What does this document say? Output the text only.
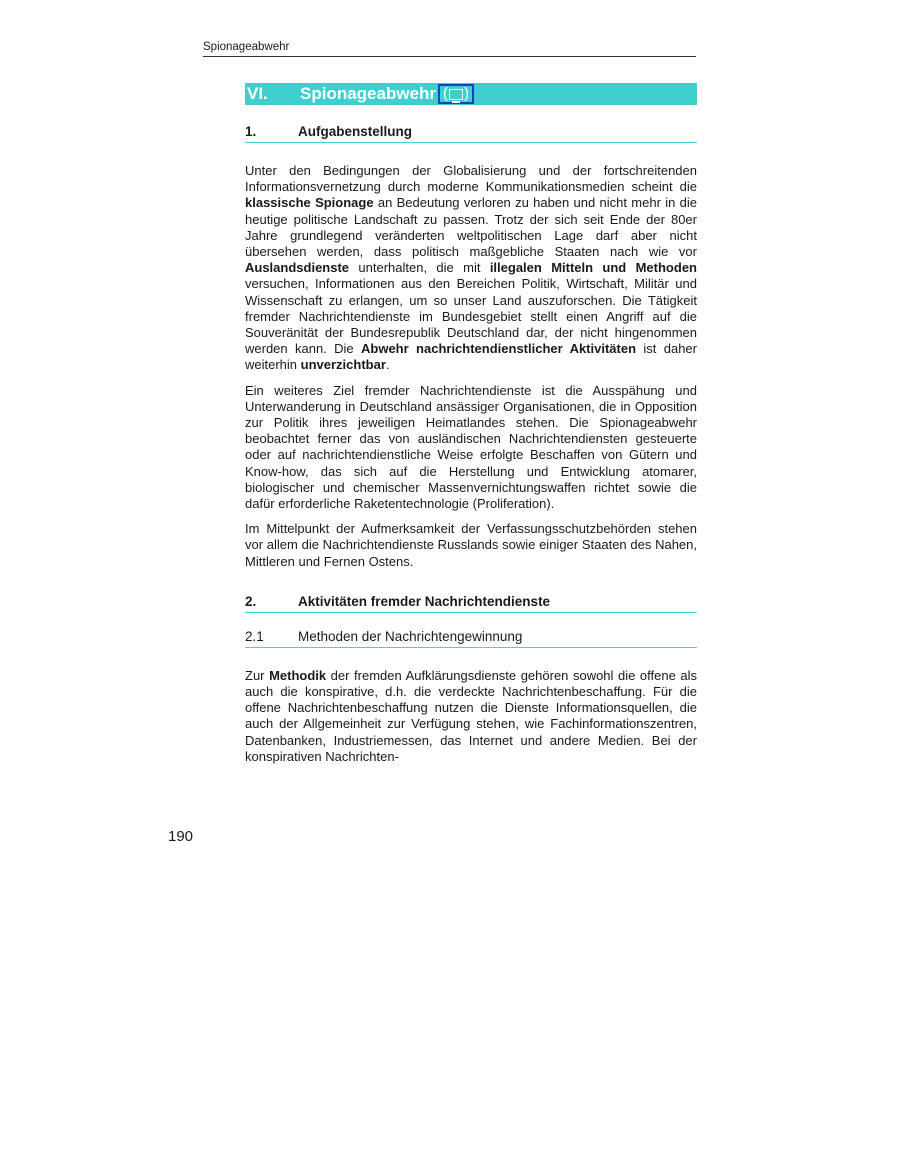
Spionageabwehr
VI.	Spionageabwehr ( )
1.	Aufgabenstellung

Unter den Bedingungen der Globalisierung und der fortschreitenden Informationsvernetzung durch moderne Kommunikationsmedien scheint die klassische Spionage an Bedeutung verloren zu haben und nicht mehr in die heutige politische Landschaft zu passen. Trotz der sich seit Ende der 80er Jahre grundlegend veränderten weltpolitischen Lage darf aber nicht übersehen werden, dass politisch maßgebliche Staaten nach wie vor Auslandsdienste unterhalten, die mit illegalen Mitteln und Methoden versuchen, Informationen aus den Bereichen Politik, Wirtschaft, Militär und Wissenschaft zu erlangen, um so unser Land auszuforschen. Die Tätigkeit fremder Nachrichtendienste im Bundesgebiet stellt einen Angriff auf die Souveränität der Bundesrepublik Deutschland dar, der nicht hingenommen werden kann. Die Abwehr nachrichtendienstlicher Aktivitäten ist daher weiterhin unverzichtbar.

Ein weiteres Ziel fremder Nachrichtendienste ist die Ausspähung und Unterwanderung in Deutschland ansässiger Organisationen, die in Opposition zur Politik ihres jeweiligen Heimatlandes stehen. Die Spionageabwehr beobachtet ferner das von ausländischen Nachrichtendiensten gesteuerte oder auf nachrichtendienstliche Weise erfolgte Beschaffen von Gütern und Know-how, das sich auf die Herstellung und Entwicklung atomarer, biologischer und chemischer Massenvernichtungswaffen richtet sowie die dafür erforderliche Raketentechnologie (Proliferation).

Im Mittelpunkt der Aufmerksamkeit der Verfassungsschutzbehörden stehen vor allem die Nachrichtendienste Russlands sowie einiger Staaten des Nahen, Mittleren und Fernen Ostens.

2.	Aktivitäten fremder Nachrichtendienste
2.1	Methoden der Nachrichtengewinnung

Zur Methodik der fremden Aufklärungsdienste gehören sowohl die offene als auch die konspirative, d.h. die verdeckte Nachrichtenbeschaffung. Für die offene Nachrichtenbeschaffung nutzen die Dienste Informationsquellen, die auch der Allgemeinheit zur Verfügung stehen, wie Fachinformationszentren, Datenbanken, Industriemessen, das Internet und andere Medien. Bei der konspirativen Nachrichten-

190
